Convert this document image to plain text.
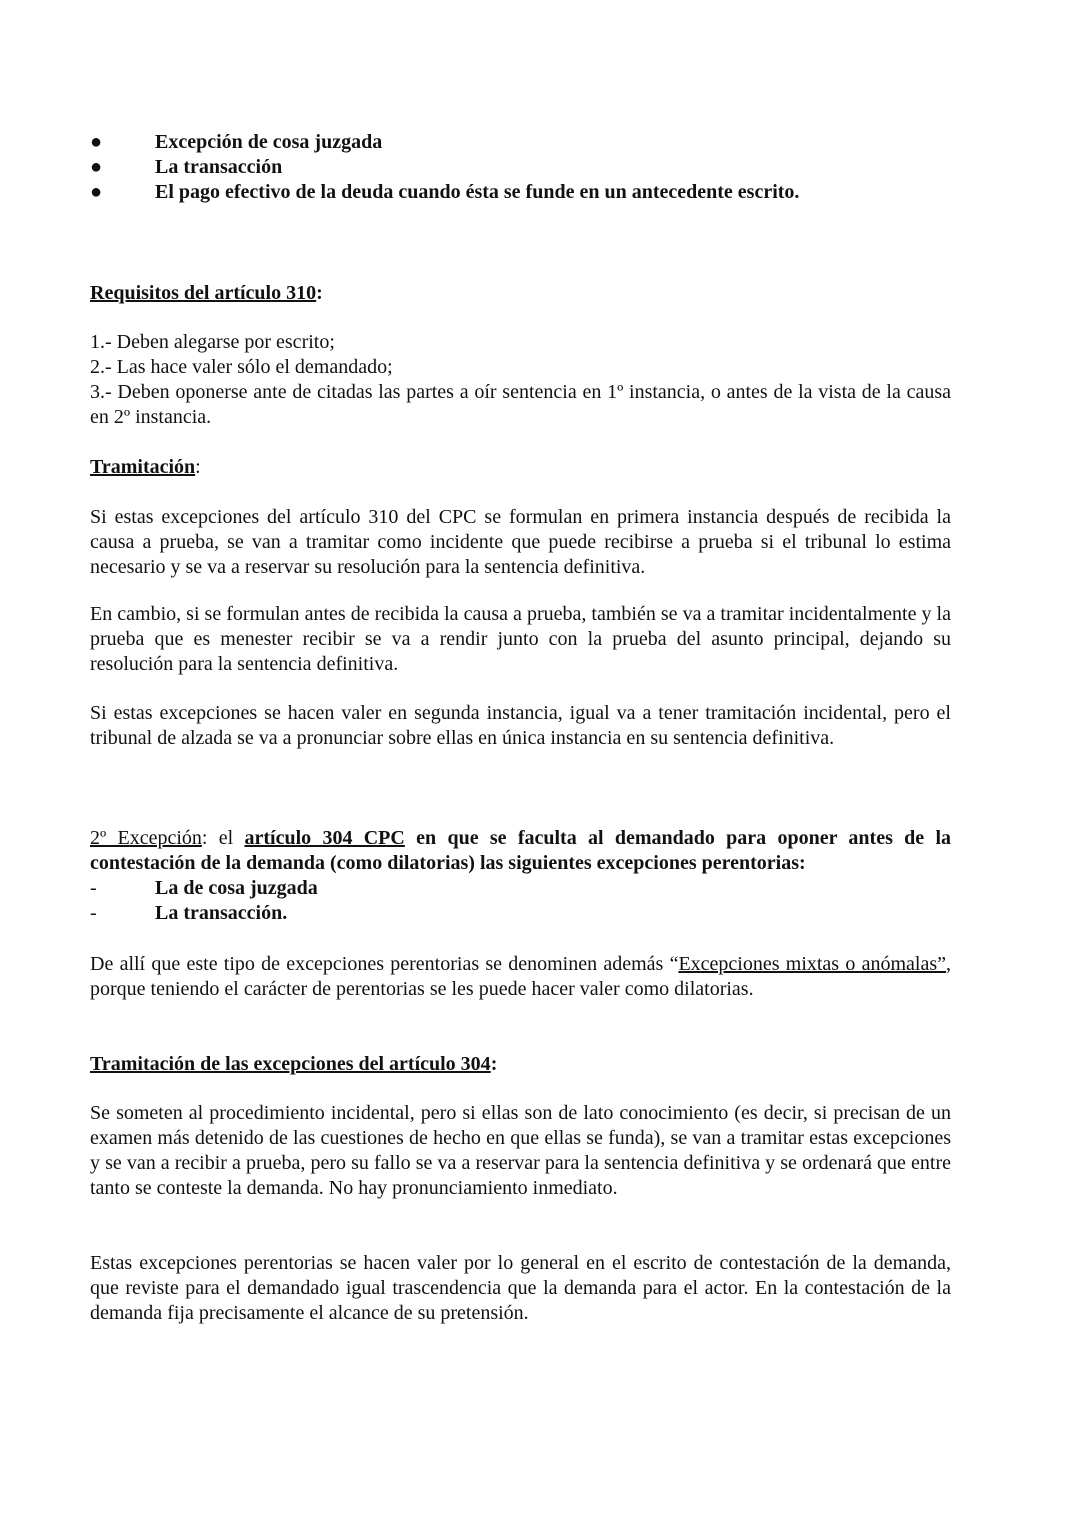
●	Excepción de cosa juzgada
●	La transacción
●	El pago efectivo de la deuda cuando ésta se funde en un antecedente escrito.
Requisitos del artículo 310:

1.- Deben alegarse por escrito;

2.- Las hace valer sólo el demandado;

3.- Deben oponerse ante de citadas las partes a oír sentencia en 1º instancia, o antes de la vista de la causa en 2º instancia.

Tramitación:

Si estas excepciones del artículo 310 del CPC se formulan en primera instancia después de recibida la causa a prueba, se van a tramitar como incidente que puede recibirse a prueba si el tribunal lo estima necesario y se va a reservar su resolución para la sentencia definitiva.

En cambio, si se formulan antes de recibida la causa a prueba, también se va a tramitar incidentalmente y la prueba que es menester recibir se va a rendir junto con la prueba del asunto principal, dejando su resolución para la sentencia definitiva.

Si estas excepciones se hacen valer en segunda instancia, igual va a tener tramitación incidental, pero el tribunal de alzada se va a pronunciar sobre ellas en única instancia en su sentencia definitiva.

2º Excepción: el artículo 304 CPC en que se faculta al demandado para oponer antes de la contestación de la demanda (como dilatorias) las siguientes excepciones perentorias:

-	La de cosa juzgada
-	La transacción.

De allí que este tipo de excepciones perentorias se denominen además “Excepciones mixtas o anómalas”, porque teniendo el carácter de perentorias se les puede hacer valer como dilatorias.

Tramitación de las excepciones del artículo 304:

Se someten al procedimiento incidental, pero si ellas son de lato conocimiento (es decir, si precisan de un examen más detenido de las cuestiones de hecho en que ellas se funda), se van a tramitar estas excepciones y se van a recibir a prueba, pero su fallo se va a reservar para la sentencia definitiva y se ordenará que entre tanto se conteste la demanda. No hay pronunciamiento inmediato.

Estas excepciones perentorias se hacen valer por lo general en el escrito de contestación de la demanda, que reviste para el demandado igual trascendencia que la demanda para el actor. En la contestación de la demanda fija precisamente el alcance de su pretensión.
